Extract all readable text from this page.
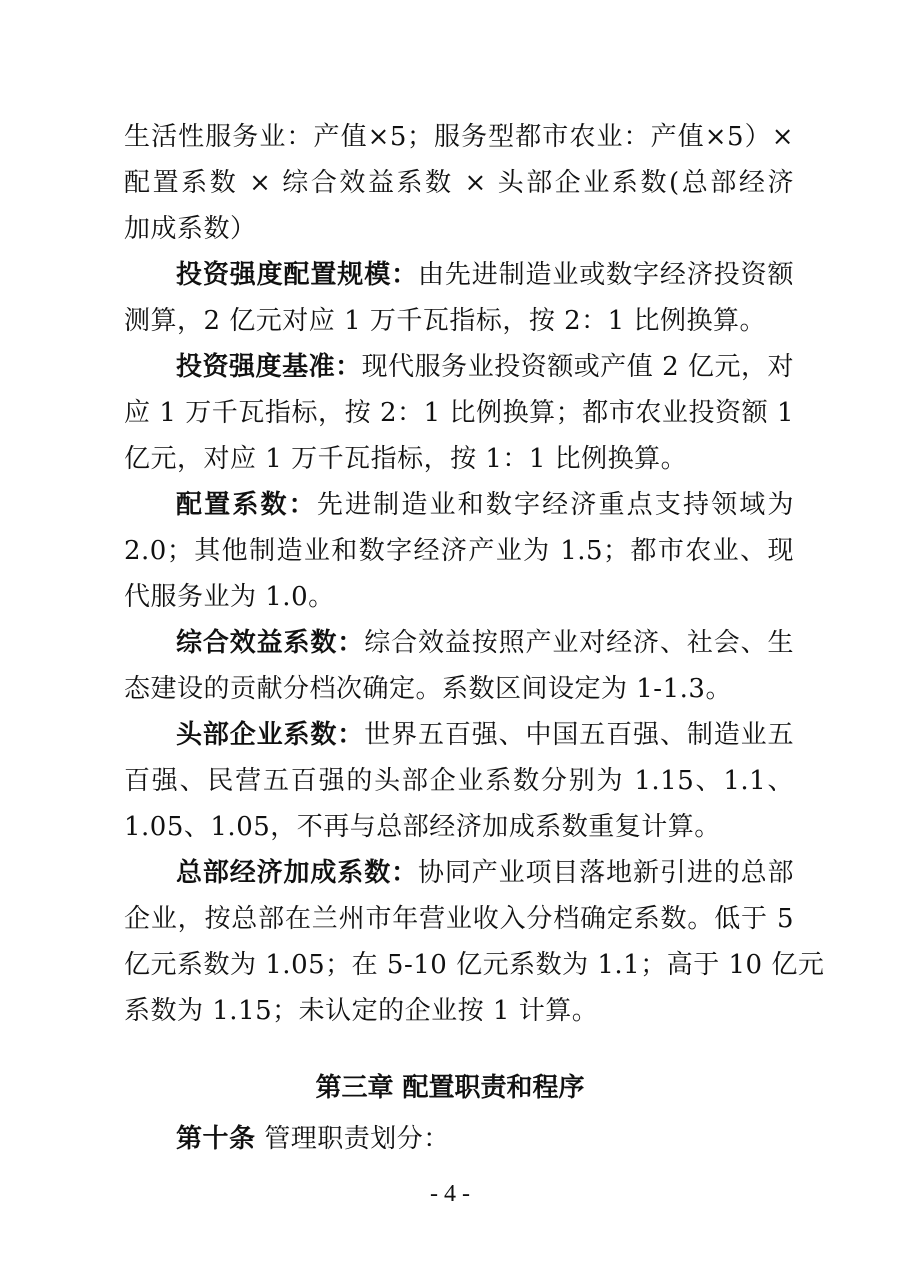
生活性服务业：产值×5；服务型都市农业：产值×5）×
配置系数 × 综合效益系数 × 头部企业系数(总部经济
加成系数）
投资强度配置规模：由先进制造业或数字经济投资额
测算，2 亿元对应 1 万千瓦指标，按 2：1 比例换算。
投资强度基准：现代服务业投资额或产值 2 亿元，对
应 1 万千瓦指标，按 2：1 比例换算；都市农业投资额 1
亿元，对应 1 万千瓦指标，按 1：1 比例换算。
配置系数：先进制造业和数字经济重点支持领域为
2.0；其他制造业和数字经济产业为 1.5；都市农业、现
代服务业为 1.0。
综合效益系数：综合效益按照产业对经济、社会、生
态建设的贡献分档次确定。系数区间设定为 1-1.3。
头部企业系数：世界五百强、中国五百强、制造业五
百强、民营五百强的头部企业系数分别为 1.15、1.1、
1.05、1.05，不再与总部经济加成系数重复计算。
总部经济加成系数：协同产业项目落地新引进的总部
企业，按总部在兰州市年营业收入分档确定系数。低于 5
亿元系数为 1.05；在 5-10 亿元系数为 1.1；高于 10 亿元
系数为 1.15；未认定的企业按 1 计算。
第三章 配置职责和程序
第十条 管理职责划分：
- 4 -
